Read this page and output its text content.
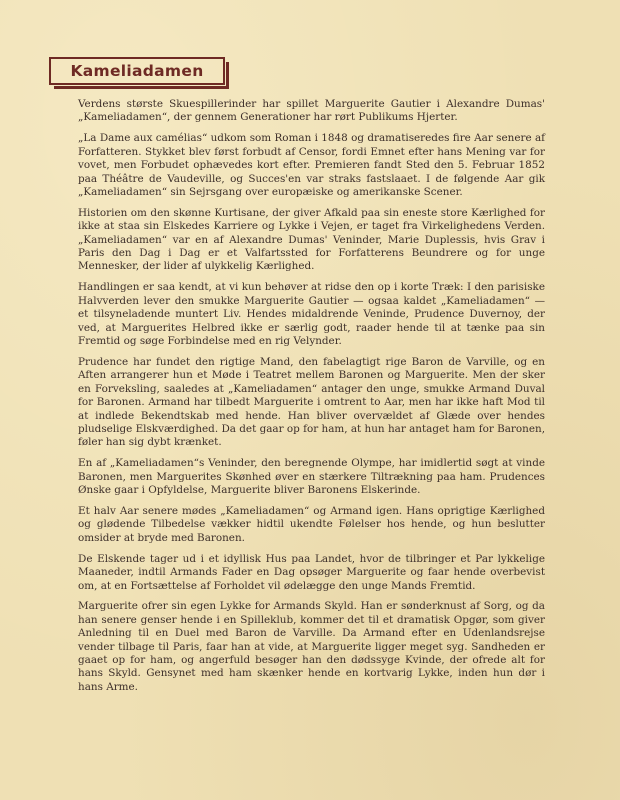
Kameliadamen

Verdens største Skuespillerinder har spillet Marguerite Gautier i Alexandre Dumas' „Kameliadamen“, der gennem Generationer har rørt Publikums Hjerter.

„La Dame aux camélias“ udkom som Roman i 1848 og dramatiseredes fire Aar senere af Forfatteren. Stykket blev først forbudt af Censor, fordi Emnet efter hans Mening var for vovet, men Forbudet ophævedes kort efter. Premieren fandt Sted den 5. Februar 1852 paa Théâtre de Vaudeville, og Succes'en var straks fastslaaet. I de følgende Aar gik „Kameliadamen“ sin Sejrsgang over europæiske og amerikanske Scener.

Historien om den skønne Kurtisane, der giver Afkald paa sin eneste store Kærlighed for ikke at staa sin Elskedes Karriere og Lykke i Vejen, er taget fra Virkelighedens Verden. „Kameliadamen“ var en af Alexandre Dumas' Veninder, Marie Duplessis, hvis Grav i Paris den Dag i Dag er et Valfartssted for Forfatterens Beundrere og for unge Mennesker, der lider af ulykkelig Kærlighed.

Handlingen er saa kendt, at vi kun behøver at ridse den op i korte Træk: I den parisiske Halvverden lever den smukke Marguerite Gautier — ogsaa kaldet „Kameliadamen“ — et tilsyneladende muntert Liv. Hendes midaldrende Veninde, Prudence Duvernoy, der ved, at Marguerites Helbred ikke er særlig godt, raader hende til at tænke paa sin Fremtid og søge Forbindelse med en rig Velynder.

Prudence har fundet den rigtige Mand, den fabelagtigt rige Baron de Varville, og en Aften arrangerer hun et Møde i Teatret mellem Baronen og Marguerite. Men der sker en Forveksling, saaledes at „Kameliadamen“ antager den unge, smukke Armand Duval for Baronen. Armand har tilbedt Marguerite i omtrent to Aar, men har ikke haft Mod til at indlede Bekendtskab med hende. Han bliver overvældet af Glæde over hendes pludselige Elskværdighed. Da det gaar op for ham, at hun har antaget ham for Baronen, føler han sig dybt krænket.

En af „Kameliadamen“s Veninder, den beregnende Olympe, har imidlertid søgt at vinde Baronen, men Marguerites Skønhed øver en stærkere Tiltrækning paa ham. Prudences Ønske gaar i Opfyldelse, Marguerite bliver Baronens Elskerinde.

Et halv Aar senere mødes „Kameliadamen“ og Armand igen. Hans oprigtige Kærlighed og glødende Tilbedelse vækker hidtil ukendte Følelser hos hende, og hun beslutter omsider at bryde med Baronen.

De Elskende tager ud i et idyllisk Hus paa Landet, hvor de tilbringer et Par lykkelige Maaneder, indtil Armands Fader en Dag opsøger Marguerite og faar hende overbevist om, at en Fortsættelse af Forholdet vil ødelægge den unge Mands Fremtid.

Marguerite ofrer sin egen Lykke for Armands Skyld. Han er sønderknust af Sorg, og da han senere genser hende i en Spilleklub, kommer det til et dramatisk Opgør, som giver Anledning til en Duel med Baron de Varville. Da Armand efter en Udenlandsrejse vender tilbage til Paris, faar han at vide, at Marguerite ligger meget syg. Sandheden er gaaet op for ham, og angerfuld besøger han den dødssyge Kvinde, der ofrede alt for hans Skyld. Gensynet med ham skænker hende en kortvarig Lykke, inden hun dør i hans Arme.
